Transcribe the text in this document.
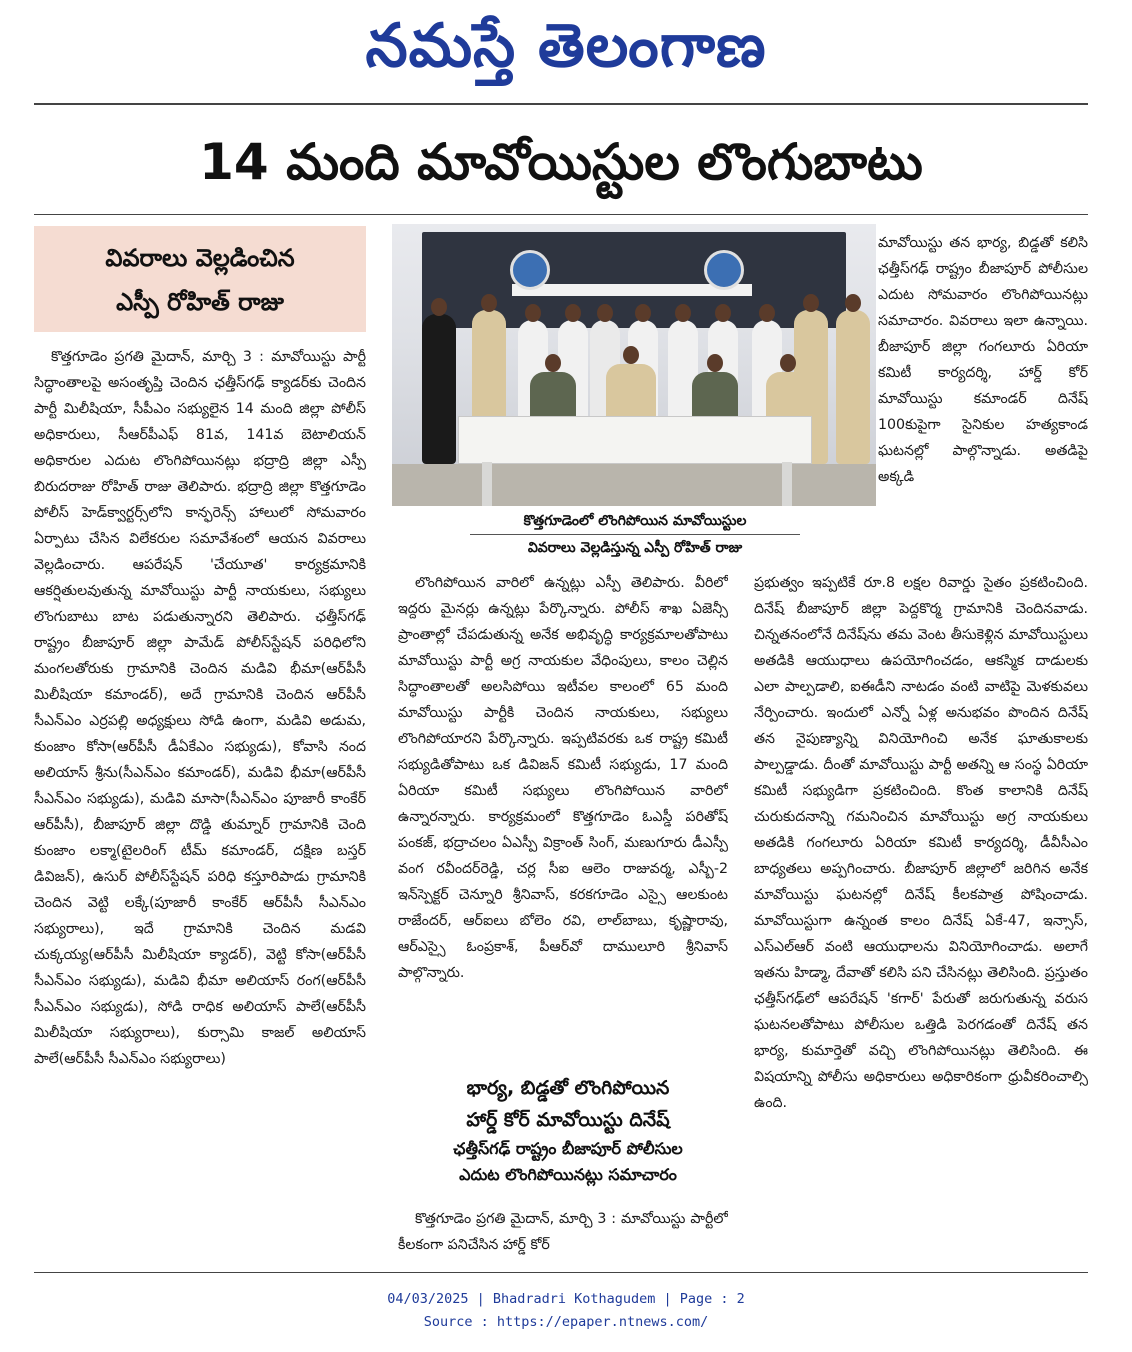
నమస్తే తెలంగాణ
14 మంది మావోయిస్టుల లొంగుబాటు
వివరాలు వెల్లడించిన
ఎస్పీ రోహిత్ రాజు

కొత్తగూడెం ప్రగతి మైదాన్, మార్చి 3 : మావోయిస్టు పార్టీ సిద్ధాంతాలపై అసంతృప్తి చెందిన ఛత్తీస్‌గఢ్ క్యాడర్‌కు చెందిన పార్టీ మిలీషియా, సీపీఎం సభ్యులైన 14 మంది జిల్లా పోలీస్ అధికారులు, సీఆర్‌పీఎఫ్ 81వ, 141వ బెటాలియన్ అధికారుల ఎదుట లొంగిపోయినట్లు భద్రాద్రి జిల్లా ఎస్పీ బిరుదరాజు రోహిత్ రాజు తెలిపారు. భద్రాద్రి జిల్లా కొత్తగూడెం పోలీస్ హెడ్‌క్వార్టర్స్‌లోని కాన్ఫరెన్స్ హాలులో సోమవారం ఏర్పాటు చేసిన విలేకరుల సమావేశంలో ఆయన వివరాలు వెల్లడించారు. ఆపరేషన్ 'చేయూత' కార్యక్రమానికి ఆకర్షితులవుతున్న మావోయిస్టు పార్టీ నాయకులు, సభ్యులు లొంగుబాటు బాట పడుతున్నారని తెలిపారు. ఛత్తీస్‌గఢ్ రాష్ట్రం బీజాపూర్ జిల్లా పామేడ్ పోలీస్‌స్టేషన్ పరిధిలోని మంగలతోరుకు గ్రామానికి చెందిన మడివి భీమా(ఆర్‌పీసీ మిలీషియా కమాండర్), అదే గ్రామానికి చెందిన ఆర్‌పీసీ సీఎన్‌ఎం ఎర్రపల్లి అధ్యక్షులు సోడి ఉంగా, మడివి అడుమ, కుంజాం కోసా(ఆర్‌పీసీ డీఏకేఎం సభ్యుడు), కోవాసి నంద అలియాస్ శ్రీను(సీఎన్‌ఎం కమాండర్), మడివి భీమా(ఆర్‌పీసీ సీఎన్‌ఎం సభ్యుడు), మడివి మాసా(సీఎన్‌ఎం పూజారీ కాంకేర్ ఆర్‌పీసీ), బీజాపూర్ జిల్లా దొడ్డి తుమ్నార్ గ్రామానికి చెంది కుంజాం లక్మా(టైలరింగ్ టీమ్ కమాండర్, దక్షిణ బస్తర్ డివిజన్), ఉసుర్ పోలీస్‌స్టేషన్ పరిధి కస్తూరిపాడు గ్రామానికి చెందిన వెట్టి లక్కే(పూజారీ కాంకేర్ ఆర్‌పీసీ సీఎన్‌ఎం సభ్యురాలు), ఇదే గ్రామానికి చెందిన మడవి చుక్కయ్య(ఆర్‌పీసీ మిలీషియా క్యాడర్), వెట్టి కోసా(ఆర్‌పీసీ సీఎన్‌ఎం సభ్యుడు), మడివి భీమా అలియాస్ రంగ(ఆర్‌పీసీ సీఎన్‌ఎం సభ్యుడు), సోడి రాధిక అలియాస్ పాలే(ఆర్‌పీసీ మిలీషియా సభ్యురాలు), కుర్సామి కాజల్ అలియాస్ పాలే(ఆర్‌పీసీ సీఎన్‌ఎం సభ్యురాలు)

కొత్తగూడెంలో లొంగిపోయిన మావోయిస్టుల
వివరాలు వెల్లడిస్తున్న ఎస్పీ రోహిత్ రాజు

లొంగిపోయిన వారిలో ఉన్నట్లు ఎస్పీ తెలిపారు. వీరిలో ఇద్దరు మైనర్లు ఉన్నట్లు పేర్కొన్నారు. పోలీస్ శాఖ ఏజెన్సీ ప్రాంతాల్లో చేపడుతున్న అనేక అభివృద్ధి కార్యక్రమాలతోపాటు మావోయిస్టు పార్టీ అగ్ర నాయకుల వేధింపులు, కాలం చెల్లిన సిద్ధాంతాలతో అలసిపోయి ఇటీవల కాలంలో 65 మంది మావోయిస్టు పార్టీకి చెందిన నాయకులు, సభ్యులు లొంగిపోయారని పేర్కొన్నారు. ఇప్పటివరకు ఒక రాష్ట్ర కమిటీ సభ్యుడితోపాటు ఒక డివిజన్ కమిటీ సభ్యుడు, 17 మంది ఏరియా కమిటీ సభ్యులు లొంగిపోయిన వారిలో ఉన్నారన్నారు. కార్యక్రమంలో కొత్తగూడెం ఓఎస్డీ పరితోష్ పంకజ్, భద్రాచలం ఏఎస్పీ విక్రాంత్ సింగ్, మణుగూరు డీఎస్పీ వంగ రవీందర్‌రెడ్డి, చర్ల సీఐ ఆలెం రాజువర్మ, ఎస్బీ-2 ఇన్‌స్పెక్టర్ చెన్నూరి శ్రీనివాస్, కరకగూడెం ఎస్సై ఆలకుంట రాజేందర్, ఆర్‌ఐలు బోలెం రవి, లాల్‌బాబు, కృష్ణారావు, ఆర్ఎస్సై ఓంప్రకాశ్, పీఆర్‌వో దాములూరి శ్రీనివాస్ పాల్గొన్నారు.

భార్య, బిడ్డతో లొంగిపోయిన
హార్డ్ కోర్ మావోయిస్టు దినేష్
ఛత్తీస్‌గఢ్ రాష్ట్రం బీజాపూర్ పోలీసుల
ఎదుట లొంగిపోయినట్లు సమాచారం

కొత్తగూడెం ప్రగతి మైదాన్, మార్చి 3 : మావోయిస్టు పార్టీలో కీలకంగా పనిచేసిన హార్డ్ కోర్

మావోయిస్టు తన భార్య, బిడ్డతో కలిసి ఛత్తీస్‌గఢ్ రాష్ట్రం బీజాపూర్ పోలీసుల ఎదుట సోమవారం లొంగిపోయినట్లు సమాచారం. వివరాలు ఇలా ఉన్నాయి. బీజాపూర్ జిల్లా గంగలూరు ఏరియా కమిటీ కార్యదర్శి, హార్డ్ కోర్ మావోయిస్టు కమాండర్ దినేష్ 100కుపైగా సైనికుల హత్యకాండ ఘటనల్లో పాల్గొన్నాడు. అతడిపై అక్కడి

ప్రభుత్వం ఇప్పటికే రూ.8 లక్షల రివార్డు సైతం ప్రకటించింది. దినేష్ బీజాపూర్ జిల్లా పెద్దకొర్మ గ్రామానికి చెందినవాడు. చిన్నతనంలోనే దినేష్‌ను తమ వెంట తీసుకెళ్లిన మావోయిస్టులు అతడికి ఆయుధాలు ఉపయోగించడం, ఆకస్మిక దాడులకు ఎలా పాల్పడాలి, ఐఈడీని నాటడం వంటి వాటిపై మెళకువలు నేర్పించారు. ఇందులో ఎన్నో ఏళ్ల అనుభవం పొందిన దినేష్ తన నైపుణ్యాన్ని వినియోగించి అనేక ఘాతుకాలకు పాల్పడ్డాడు. దీంతో మావోయిస్టు పార్టీ అతన్ని ఆ సంస్థ ఏరియా కమిటీ సభ్యుడిగా ప్రకటించింది. కొంత కాలానికి దినేష్ చురుకుదనాన్ని గమనించిన మావోయిస్టు అగ్ర నాయకులు అతడికి గంగలూరు ఏరియా కమిటీ కార్యదర్శి, డీవీసీఎం బాధ్యతలు అప్పగించారు. బీజాపూర్ జిల్లాలో జరిగిన అనేక మావోయిస్టు ఘటనల్లో దినేష్ కీలకపాత్ర పోషించాడు. మావోయిస్టుగా ఉన్నంత కాలం దినేష్ ఏకే-47, ఇన్సాస్, ఎస్ఎల్ఆర్ వంటి ఆయుధాలను వినియోగించాడు. అలాగే ఇతను హిడ్మా, దేవాతో కలిసి పని చేసినట్లు తెలిసింది. ప్రస్తుతం ఛత్తీస్‌గఢ్‌లో ఆపరేషన్ 'కగార్' పేరుతో జరుగుతున్న వరుస ఘటనలతోపాటు పోలీసుల ఒత్తిడి పెరగడంతో దినేష్ తన భార్య, కుమార్తెతో వచ్చి లొంగిపోయినట్లు తెలిసింది. ఈ విషయాన్ని పోలీసు అధికారులు అధికారికంగా ధ్రువీకరించాల్సి ఉంది.

04/03/2025 | Bhadradri Kothagudem | Page : 2
Source : https://epaper.ntnews.com/
